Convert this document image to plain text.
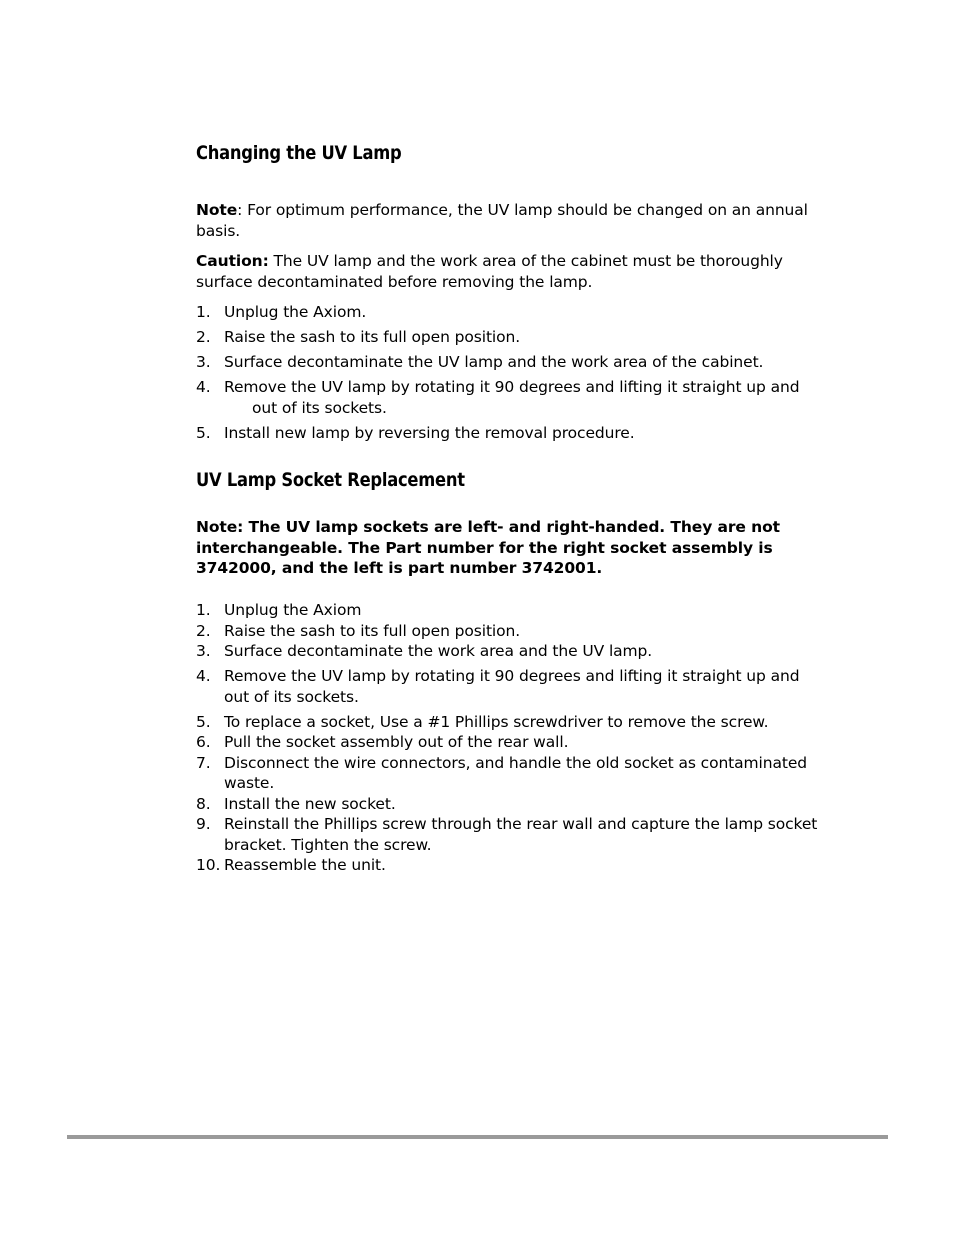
Changing the UV Lamp

Note: For optimum performance, the UV lamp should be changed on an annual basis.

Caution: The UV lamp and the work area of the cabinet must be thoroughly surface decontaminated before removing the lamp.

1. Unplug the Axiom.
2. Raise the sash to its full open position.
3. Surface decontaminate the UV lamp and the work area of the cabinet.
4. Remove the UV lamp by rotating it 90 degrees and lifting it straight up and
out of its sockets.
5. Install new lamp by reversing the removal procedure.
UV Lamp Socket Replacement

Note: The UV lamp sockets are left- and right-handed. They are not interchangeable. The Part number for the right socket assembly is 3742000, and the left is part number 3742001.

1. Unplug the Axiom
2. Raise the sash to its full open position.
3. Surface decontaminate the work area and the UV lamp.
4. Remove the UV lamp by rotating it 90 degrees and lifting it straight up and out of its sockets.
5. To replace a socket, Use a #1 Phillips screwdriver to remove the screw.
6. Pull the socket assembly out of the rear wall.
7. Disconnect the wire connectors, and handle the old socket as contaminated waste.
8. Install the new socket.
9. Reinstall the Phillips screw through the rear wall and capture the lamp socket bracket. Tighten the screw.
10. Reassemble the unit.
